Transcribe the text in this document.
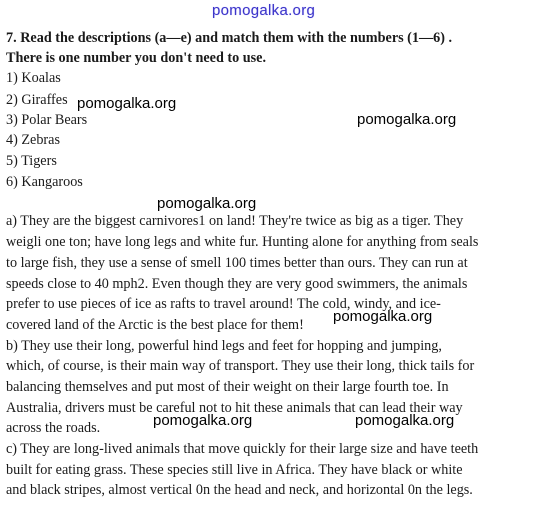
pomogalka.org
7. Read the descriptions (a—e) and match them with the numbers (1—6) .
There is one number you don't need to use.
1) Koalas
2) Giraffes
3) Polar Bears
4) Zebras
5) Tigers
6) Kangaroos
pomogalka.org
pomogalka.org
pomogalka.org
a) They are the biggest carnivores1 on land! They're twice as big as a tiger. They
weigli one ton; have long legs and white fur. Hunting alone for anything from seals
to large fish, they use a sense of smell 100 times better than ours. They can run at
speeds close to 40 mph2. Even though they are very good swimmers, the animals
prefer to use pieces of ice as rafts to travel around! The cold, windy, and ice-
covered land of the Arctic is the best place for them!
b) They use their long, powerful hind legs and feet for hopping and jumping,
which, of course, is their main way of transport. They use their long, thick tails for
balancing themselves and put most of their weight on their large fourth toe. In
Australia, drivers must be careful not to hit these animals that can lead their way
across the roads.
c) They are long-lived animals that move quickly for their large size and have teeth
built for eating grass. These species still live in Africa. They have black or white
and black stripes, almost vertical 0n the head and neck, and horizontal 0n the legs.
pomogalka.org
pomogalka.org	pomogalka.org
